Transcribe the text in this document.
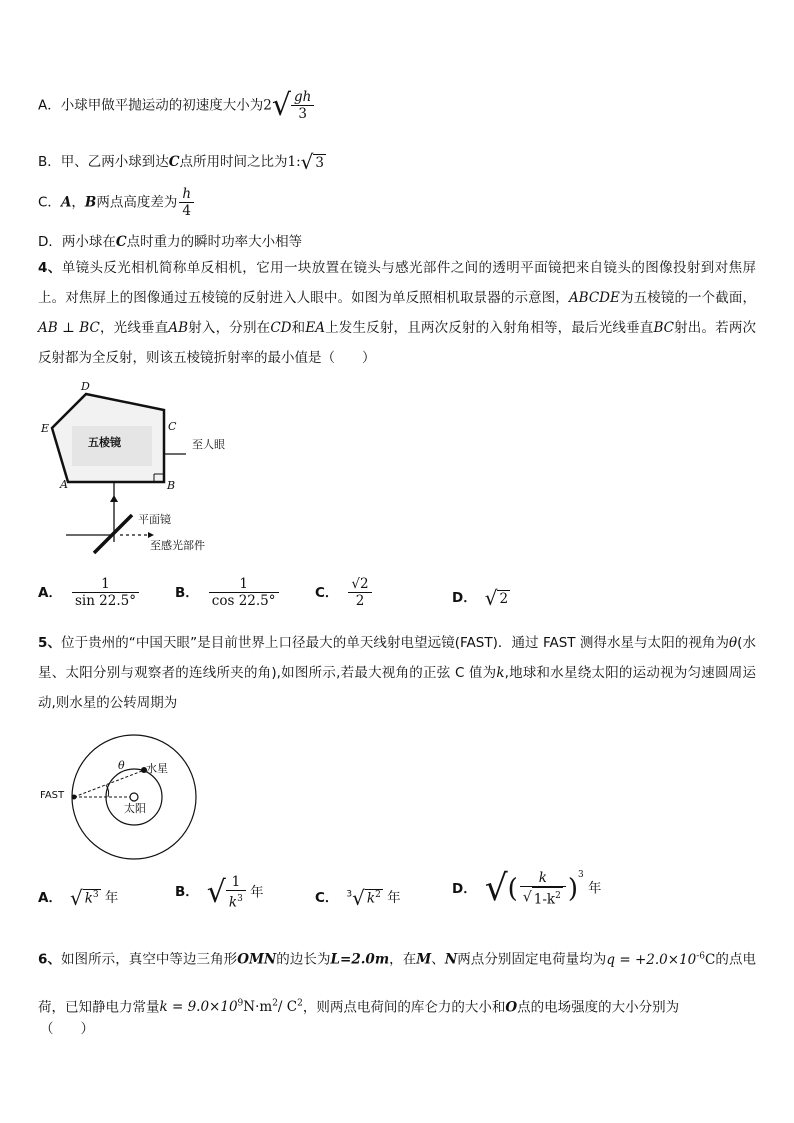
A．小球甲做平抛运动的初速度大小为$2√ \frac{gh}{3}$
B．甲、乙两小球到达C点所用时间之比为1:√ 3
C．A，B两点高度差为 $\frac{h}{4}$
D．两小球在C点时重力的瞬时功率大小相等
4、单镜头反光相机简称单反相机，它用一块放置在镜头与感光部件之间的透明平面镜把来自镜头的图像投射到对焦屏上。对焦屏上的图像通过五棱镜的反射进入人眼中。如图为单反照相机取景器的示意图，ABCDE为五棱镜的一个截面，AB ⊥ BC，光线垂直AB射入，分别在CD和EA上发生反射，且两次反射的入射角相等，最后光线垂直BC射出。若两次反射都为全反射，则该五棱镜折射率的最小值是（　　）
D
E	C
A	B
五棱镜	至人眼
平面镜
至感光部件
A． $\frac{1}{\sin 22.5^\circ}$	B． $\frac{1}{\cos 22.5^\circ}$	C． $\frac{√2}{2}$	D． √ 2
5、位于贵州的“中国天眼”是目前世界上口径最大的单天线射电望远镜(FAST)．通过 FAST 测得水星与太阳的视角为θ(水星、太阳分别与观察者的连线所夹的角),如图所示,若最大视角的正弦 C 值为k,地球和水星绕太阳的运动视为匀速圆周运动,则水星的公转周期为
θ 水星
太阳
FAST
A． √ $k^3$ 年	B． √ $\frac{1}{k^3}$ 年	C． $^3$√ $k^2$ 年
D． √( $\frac{k}{√ 1-k^2} )^3$ 年
6、如图所示，真空中等边三角形OMN的边长为L=2.0m，在M、N两点分别固定电荷量均为$q = +2.0\times 10^{-6}C$的点电荷，已知静电力常量$k = 9.0\times 10^9N\cdot m^2/$ $C^2$，则两点电荷间的库仑力的大小和O点的电场强度的大小分别为
（　　）
